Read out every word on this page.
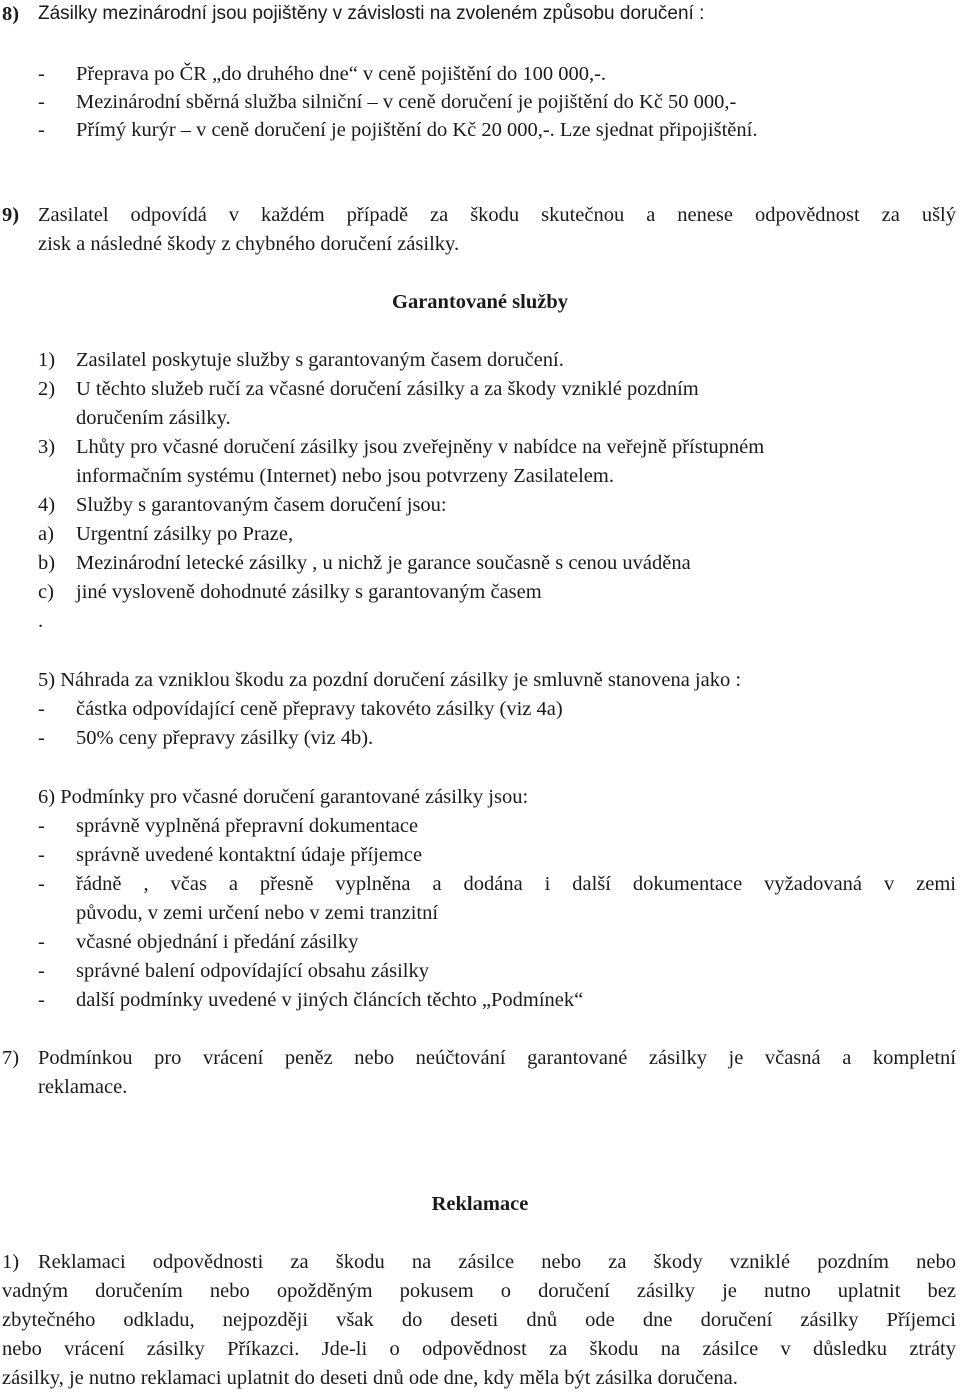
8) Zásilky mezinárodní jsou pojištěny v závislosti na zvoleném způsobu doručení :
- Přeprava po ČR „do druhého dne“ v ceně pojištění do 100 000,-.
- Mezinárodní sběrná služba silniční – v ceně doručení je pojištění do Kč 50 000,-
- Přímý kurýr – v ceně doručení je pojištění do Kč 20 000,-. Lze sjednat připojištění.
9) Zasilatel odpovídá v každém případě za škodu skutečnou a nenese odpovědnost za ušlý
zisk a následné škody z chybného doručení zásilky.
Garantované služby
1) Zasilatel poskytuje služby s garantovaným časem doručení.
2) U těchto služeb ručí za včasné doručení zásilky a za škody vzniklé pozdním
doručením zásilky.
3) Lhůty pro včasné doručení zásilky jsou zveřejněny v nabídce na veřejně přístupném
informačním systému (Internet) nebo jsou potvrzeny Zasilatelem.
4) Služby s garantovaným časem doručení jsou:
a) Urgentní zásilky po Praze,
b) Mezinárodní letecké zásilky , u nichž je garance současně s cenou uváděna
c) jiné vysloveně dohodnuté zásilky s garantovaným časem
.
5) Náhrada za vzniklou škodu za pozdní doručení zásilky je smluvně stanovena jako :
- částka odpovídající ceně přepravy takovéto zásilky (viz 4a)
- 50% ceny přepravy zásilky (viz 4b).
6) Podmínky pro včasné doručení garantované zásilky jsou:
- správně vyplněná přepravní dokumentace
- správně uvedené kontaktní údaje příjemce
- řádně , včas a přesně vyplněna a dodána i další dokumentace vyžadovaná v zemi
původu, v zemi určení nebo v zemi tranzitní
- včasné objednání i předání zásilky
- správné balení odpovídající obsahu zásilky
- další podmínky uvedené v jiných článcích těchto „Podmínek“
7) Podmínkou pro vrácení peněz nebo neúčtování garantované zásilky je včasná a kompletní
reklamace.
Reklamace
1) Reklamaci odpovědnosti za škodu na zásilce nebo za škody vzniklé pozdním nebo
vadným doručením nebo opožděným pokusem o doručení zásilky je nutno uplatnit bez
zbytečného odkladu, nejpozději však do deseti dnů ode dne doručení zásilky Příjemci
nebo vrácení zásilky Příkazci. Jde-li o odpovědnost za škodu na zásilce v důsledku ztráty
zásilky, je nutno reklamaci uplatnit do deseti dnů ode dne, kdy měla být zásilka doručena.
